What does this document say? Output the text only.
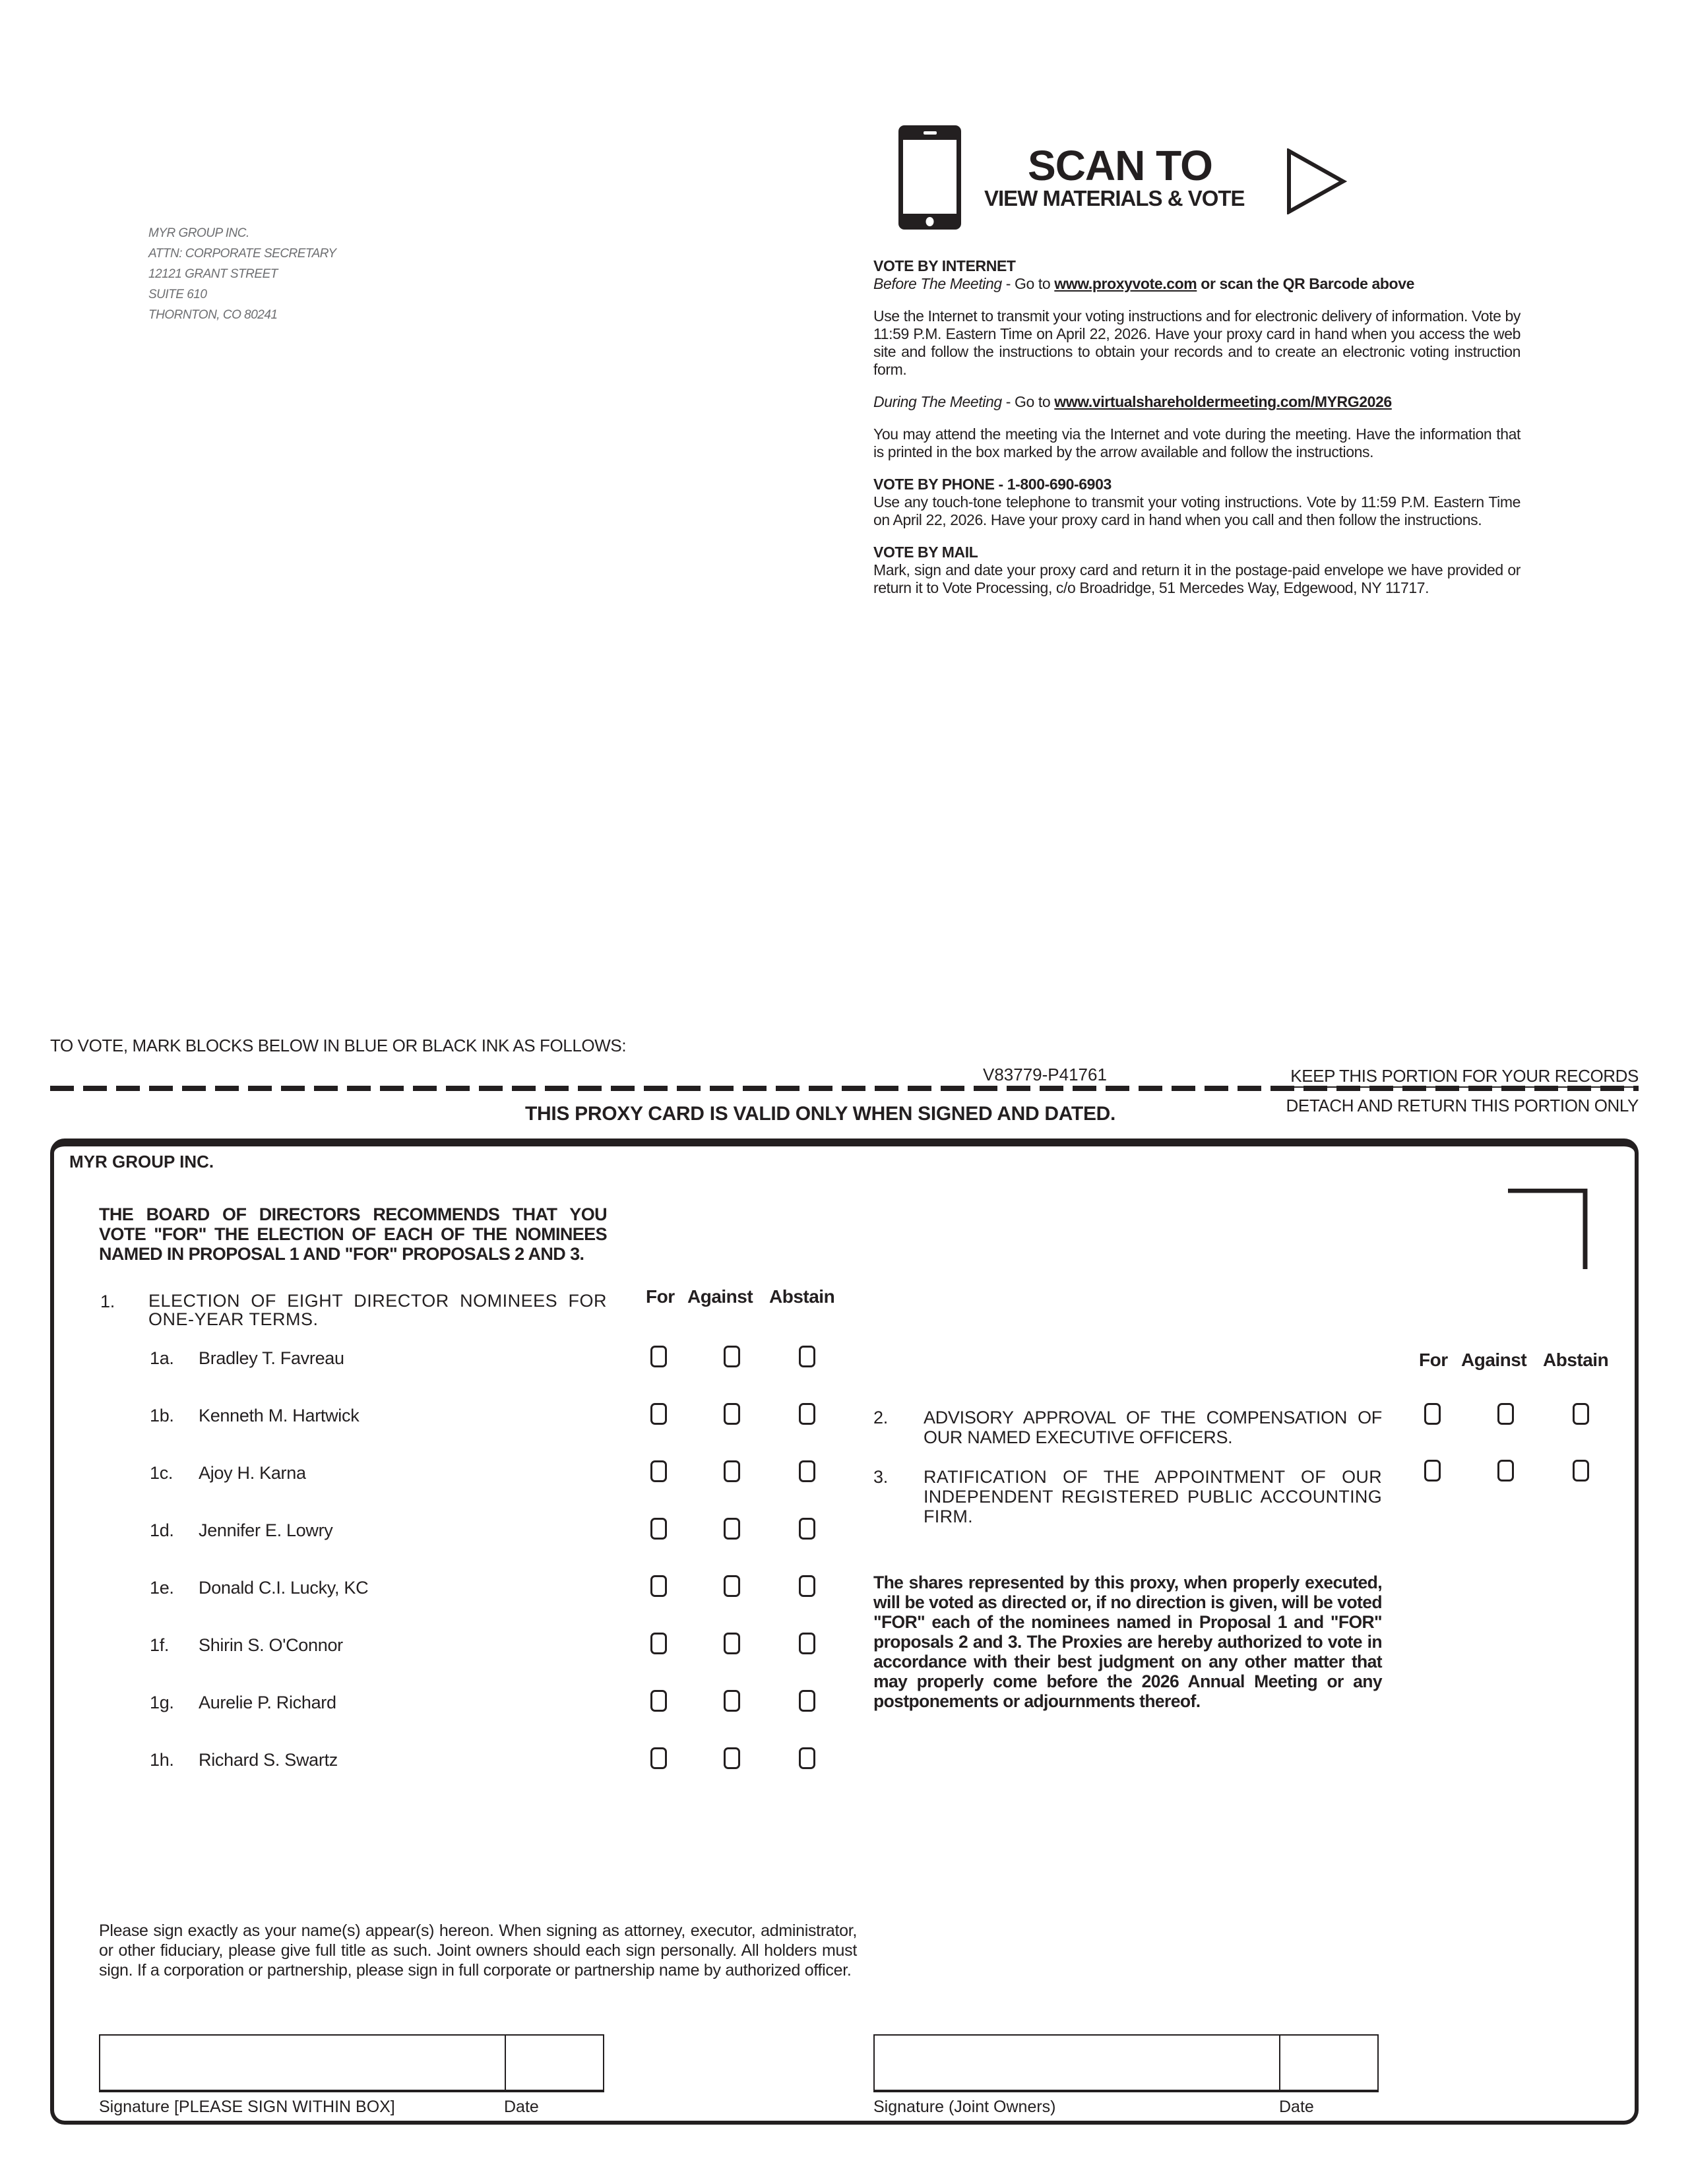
MYR GROUP INC.
ATTN: CORPORATE SECRETARY
12121 GRANT STREET
SUITE 610
THORNTON, CO 80241
SCAN TO
VIEW MATERIALS & VOTE

VOTE BY INTERNET
Before The Meeting - Go to www.proxyvote.com or scan the QR Barcode above

Use the Internet to transmit your voting instructions and for electronic delivery of information. Vote by 11:59 P.M. Eastern Time on April 22, 2026. Have your proxy card in hand when you access the web site and follow the instructions to obtain your records and to create an electronic voting instruction form.

During The Meeting - Go to www.virtualshareholdermeeting.com/MYRG2026

You may attend the meeting via the Internet and vote during the meeting. Have the information that is printed in the box marked by the arrow available and follow the instructions.

VOTE BY PHONE - 1-800-690-6903
Use any touch-tone telephone to transmit your voting instructions. Vote by 11:59 P.M. Eastern Time on April 22, 2026. Have your proxy card in hand when you call and then follow the instructions.

VOTE BY MAIL
Mark, sign and date your proxy card and return it in the postage-paid envelope we have provided or return it to Vote Processing, c/o Broadridge, 51 Mercedes Way, Edgewood, NY 11717.

TO VOTE, MARK BLOCKS BELOW IN BLUE OR BLACK INK AS FOLLOWS:
V83779-P41761	KEEP THIS PORTION FOR YOUR RECORDS
DETACH AND RETURN THIS PORTION ONLY
THIS PROXY CARD IS VALID ONLY WHEN SIGNED AND DATED.
MYR GROUP INC.
THE BOARD OF DIRECTORS RECOMMENDS THAT YOU VOTE "FOR" THE ELECTION OF EACH OF THE NOMINEES NAMED IN PROPOSAL 1 AND "FOR" PROPOSALS 2 AND 3.
1. ELECTION OF EIGHT DIRECTOR NOMINEES FOR ONE-YEAR TERMS.
For Against Abstain
1a. Bradley T. Favreau
1b. Kenneth M. Hartwick
1c. Ajoy H. Karna
1d. Jennifer E. Lowry
1e. Donald C.I. Lucky, KC
1f. Shirin S. O'Connor
1g. Aurelie P. Richard
1h. Richard S. Swartz
For Against Abstain
2. ADVISORY APPROVAL OF THE COMPENSATION OF OUR NAMED EXECUTIVE OFFICERS.
3. RATIFICATION OF THE APPOINTMENT OF OUR INDEPENDENT REGISTERED PUBLIC ACCOUNTING FIRM.
The shares represented by this proxy, when properly executed, will be voted as directed or, if no direction is given, will be voted "FOR" each of the nominees named in Proposal 1 and "FOR" proposals 2 and 3. The Proxies are hereby authorized to vote in accordance with their best judgment on any other matter that may properly come before the 2026 Annual Meeting or any postponements or adjournments thereof.
Please sign exactly as your name(s) appear(s) hereon. When signing as attorney, executor, administrator, or other fiduciary, please give full title as such. Joint owners should each sign personally. All holders must sign. If a corporation or partnership, please sign in full corporate or partnership name by authorized officer.
Signature [PLEASE SIGN WITHIN BOX]	Date	Signature (Joint Owners)	Date
